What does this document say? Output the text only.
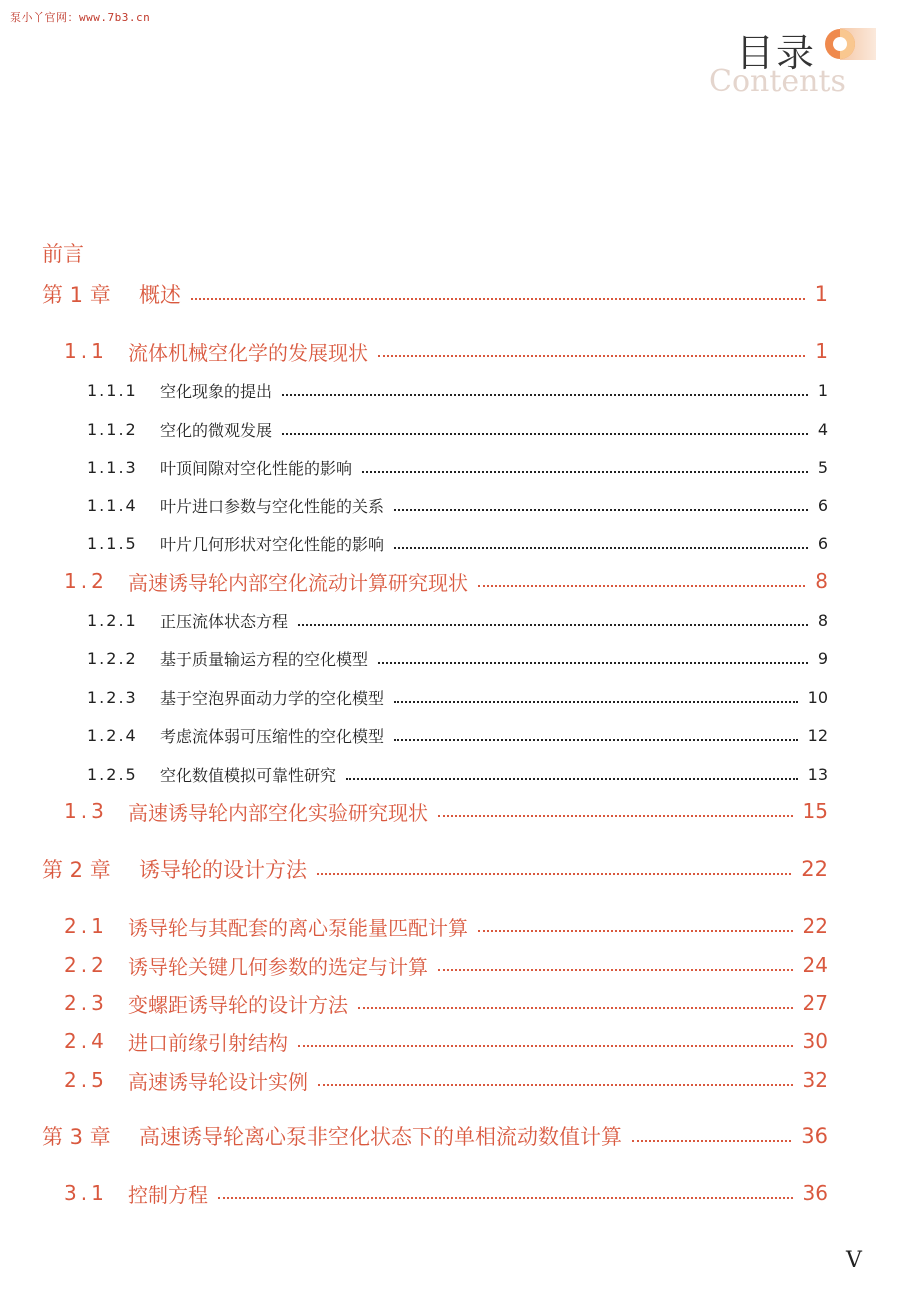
泵小丫官网：www.7b3.cn
目录
Contents
前言
第 1 章 概述	1
1.1 流体机械空化学的发展现状	1
1.1.1 空化现象的提出	1
1.1.2 空化的微观发展	4
1.1.3 叶顶间隙对空化性能的影响	5
1.1.4 叶片进口参数与空化性能的关系	6
1.1.5 叶片几何形状对空化性能的影响	6
1.2 高速诱导轮内部空化流动计算研究现状	8
1.2.1 正压流体状态方程	8
1.2.2 基于质量输运方程的空化模型	9
1.2.3 基于空泡界面动力学的空化模型	10
1.2.4 考虑流体弱可压缩性的空化模型	12
1.2.5 空化数值模拟可靠性研究	13
1.3 高速诱导轮内部空化实验研究现状	15
第 2 章 诱导轮的设计方法	22
2.1 诱导轮与其配套的离心泵能量匹配计算	22
2.2 诱导轮关键几何参数的选定与计算	24
2.3 变螺距诱导轮的设计方法	27
2.4 进口前缘引射结构	30
2.5 高速诱导轮设计实例	32
第 3 章 高速诱导轮离心泵非空化状态下的单相流动数值计算	36
3.1 控制方程	36
V
